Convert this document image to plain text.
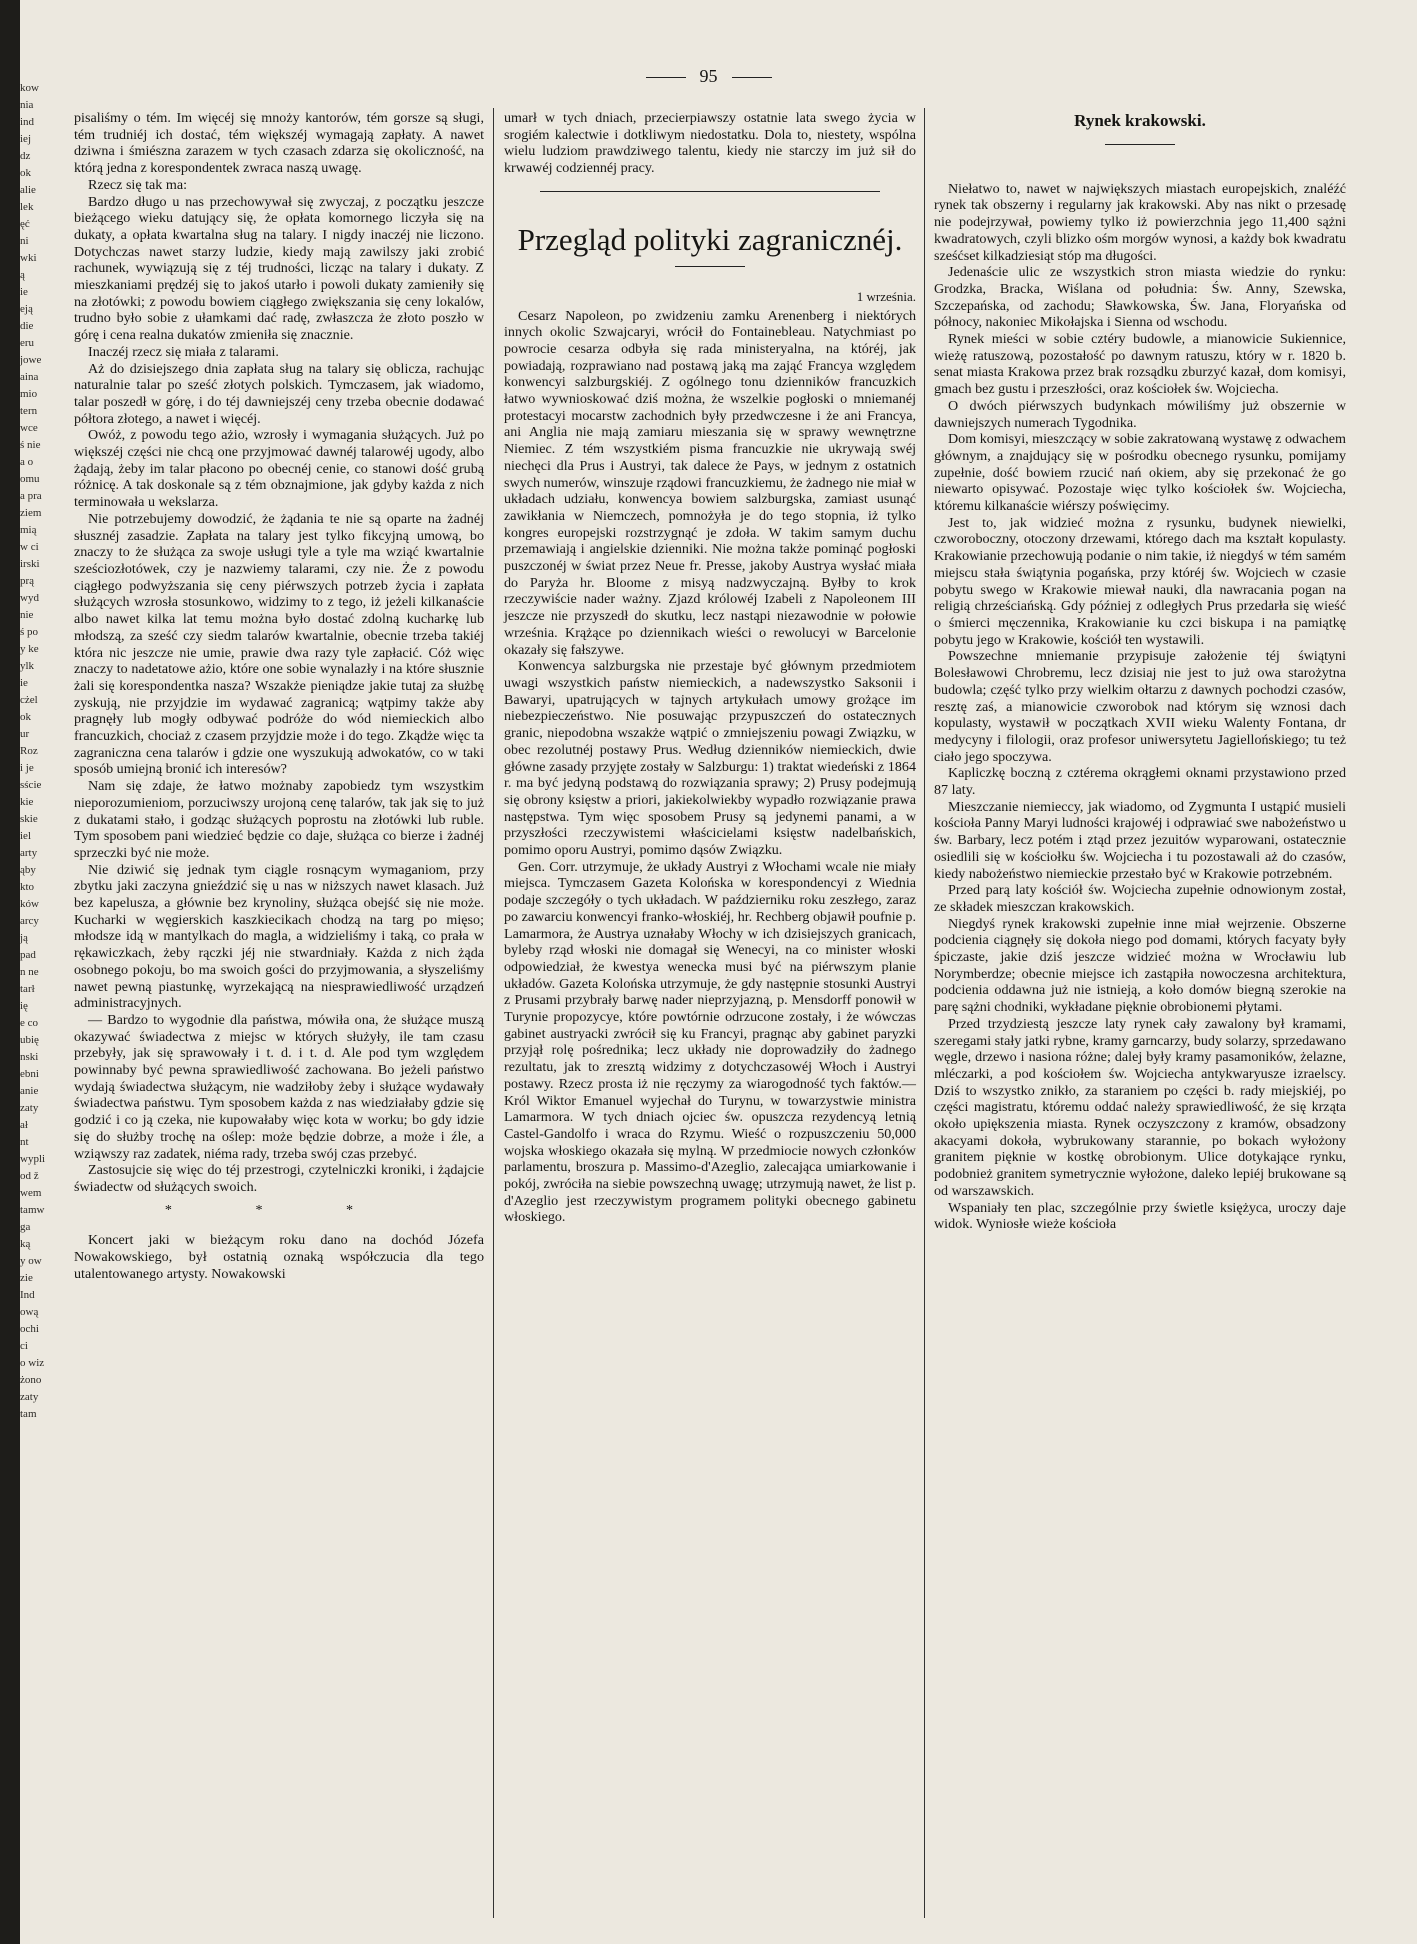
kow
nia
ind
iej
dz
ok
alie
lek
ęć
ni
wki
ą
ie
eją
die
eru
jowe
aina
mio
tern
wce
ś nie
a o
omu
a pra
ziem
mią
w ci
irski
prą
wyd
nie
ś po
y ke
ylk
ie
cżel
ok
ur
Roz
i je
sście
kie
skie
iel
arty
ąby
kto
ków
arcy
ją
pad
n ne
tarł
ię
e co
ubię
nski
ebni
anie
zaty
ał
nt
wypli
od ž
wem
tamw
ga
ką
y ow
zie
Ind
ową
ochi
ci
o wiz
żono
zaty
tam
95

pisaliśmy o tém. Im więcéj się mnoży kantorów, tém gorsze są sługi, tém trudniéj ich dostać, tém większéj wymagają zapłaty. A nawet dziwna i śmiészna zarazem w tych czasach zdarza się okoliczność, na którą jedna z korespondentek zwraca naszą uwagę.

Rzecz się tak ma:

Bardzo długo u nas przechowywał się zwyczaj, z początku jeszcze bieżącego wieku datujący się, że opłata komornego liczyła się na dukaty, a opłata kwartalna sług na talary. I nigdy inaczéj nie liczono. Dotychczas nawet starzy ludzie, kiedy mają zawilszy jaki zrobić rachunek, wywiązują się z téj trudności, licząc na talary i dukaty. Z mieszkaniami prędzéj się to jakoś utarło i powoli dukaty zamieniły się na złotówki; z powodu bowiem ciągłego zwiększania się ceny lokalów, trudno było sobie z ułamkami dać radę, zwłaszcza że złoto poszło w górę i cena realna dukatów zmieniła się znacznie.

Inaczéj rzecz się miała z talarami.

Aż do dzisiejszego dnia zapłata sług na talary się oblicza, rachując naturalnie talar po sześć złotych polskich. Tymczasem, jak wiadomo, talar poszedł w górę, i do téj dawniejszéj ceny trzeba obecnie dodawać półtora złotego, a nawet i więcéj.

Owóż, z powodu tego ażio, wzrosły i wymagania służących. Już po większéj części nie chcą one przyjmować dawnéj talarowéj ugody, albo żądają, żeby im talar płacono po obecnéj cenie, co stanowi dość grubą różnicę. A tak doskonale są z tém obznajmione, jak gdyby każda z nich terminowała u wekslarza.

Nie potrzebujemy dowodzić, że żądania te nie są oparte na żadnéj słusznéj zasadzie. Zapłata na talary jest tylko fikcyjną umową, bo znaczy to że służąca za swoje usługi tyle a tyle ma wziąć kwartalnie sześciozłotówek, czy je nazwiemy talarami, czy nie. Że z powodu ciągłego podwyższania się ceny piérwszych potrzeb życia i zapłata służących wzrosła stosunkowo, widzimy to z tego, iż jeżeli kilkanaście albo nawet kilka lat temu można było dostać zdolną kucharkę lub młodszą, za sześć czy siedm talarów kwartalnie, obecnie trzeba takiéj która nic jeszcze nie umie, prawie dwa razy tyle zapłacić. Cóż więc znaczy to nadetatowe ażio, które one sobie wynalazły i na które słusznie żali się korespondentka nasza? Wszakże pieniądze jakie tutaj za służbę zyskują, nie przyjdzie im wydawać zagranicą; wątpimy także aby pragnęły lub mogły odbywać podróże do wód niemieckich albo francuzkich, chociaż z czasem przyjdzie może i do tego. Zkądże więc ta zagraniczna cena talarów i gdzie one wyszukują adwokatów, co w taki sposób umiejną bronić ich interesów?

Nam się zdaje, że łatwo możnaby zapobiedz tym wszystkim nieporozumieniom, porzuciwszy urojoną cenę talarów, tak jak się to już z dukatami stało, i godząc służących poprostu na złotówki lub ruble. Tym sposobem pani wiedzieć będzie co daje, służąca co bierze i żadnéj sprzeczki być nie może.

Nie dziwić się jednak tym ciągle rosnącym wymaganiom, przy zbytku jaki zaczyna gnieździć się u nas w niższych nawet klasach. Już bez kapelusza, a głównie bez krynoliny, służąca obejść się nie może. Kucharki w węgierskich kaszkiecikach chodzą na targ po mięso; młodsze idą w mantylkach do magla, a widzieliśmy i taką, co prała w rękawiczkach, żeby rączki jéj nie stwardniały. Każda z nich żąda osobnego pokoju, bo ma swoich gości do przyjmowania, a słyszeliśmy nawet pewną piastunkę, wyrzekającą na niesprawiedliwość urządzeń administracyjnych.

— Bardzo to wygodnie dla państwa, mówiła ona, że służące muszą okazywać świadectwa z miejsc w których służyły, ile tam czasu przebyły, jak się sprawowały i t. d. i t. d. Ale pod tym względem powinnaby być pewna sprawiedliwość zachowana. Bo jeżeli państwo wydają świadectwa służącym, nie wadziłoby żeby i służące wydawały świadectwa państwu. Tym sposobem każda z nas wiedziałaby gdzie się godzić i co ją czeka, nie kupowałaby więc kota w worku; bo gdy idzie się do służby trochę na oślep: może będzie dobrze, a może i źle, a wziąwszy raz zadatek, niéma rady, trzeba swój czas przebyć.

Zastosujcie się więc do téj przestrogi, czytelniczki kroniki, i żądajcie świadectw od służących swoich.

* * *

Koncert jaki w bieżącym roku dano na dochód Józefa Nowakowskiego, był ostatnią oznaką współczucia dla tego utalentowanego artysty. Nowakowski

umarł w tych dniach, przecierpiawszy ostatnie lata swego życia w srogiém kalectwie i dotkliwym niedostatku. Dola to, niestety, wspólna wielu ludziom prawdziwego talentu, kiedy nie starczy im już sił do krwawéj codziennéj pracy.

Przegląd polityki zagranicznéj.
1 września.

Cesarz Napoleon, po zwidzeniu zamku Arenenberg i niektórych innych okolic Szwajcaryi, wrócił do Fontainebleau. Natychmiast po powrocie cesarza odbyła się rada ministeryalna, na któréj, jak powiadają, rozprawiano nad postawą jaką ma zająć Francya względem konwencyi salzburgskiéj. Z ogólnego tonu dzienników francuzkich łatwo wywnioskować dziś można, że wszelkie pogłoski o mniemanéj protestacyi mocarstw zachodnich były przedwczesne i że ani Francya, ani Anglia nie mają zamiaru mieszania się w sprawy wewnętrzne Niemiec. Z tém wszystkiém pisma francuzkie nie ukrywają swéj niechęci dla Prus i Austryi, tak dalece że Pays, w jednym z ostatnich swych numerów, winszuje rządowi francuzkiemu, że żadnego nie miał w układach udziału, konwencya bowiem salzburgska, zamiast usunąć zawikłania w Niemczech, pomnożyła je do tego stopnia, iż tylko kongres europejski rozstrzygnąć je zdoła. W takim samym duchu przemawiają i angielskie dzienniki. Nie można także pominąć pogłoski puszczonéj w świat przez Neue fr. Presse, jakoby Austrya wysłać miała do Paryża hr. Bloome z misyą nadzwyczajną. Byłby to krok rzeczywiście nader ważny. Zjazd królowéj Izabeli z Napoleonem III jeszcze nie przyszedł do skutku, lecz nastąpi niezawodnie w połowie września. Krążące po dziennikach wieści o rewolucyi w Barcelonie okazały się fałszywe.

Konwencya salzburgska nie przestaje być głównym przedmiotem uwagi wszystkich państw niemieckich, a nadewszystko Saksonii i Bawaryi, upatrujących w tajnych artykułach umowy grożące im niebezpieczeństwo. Nie posuwając przypuszczeń do ostatecznych granic, niepodobna wszakże wątpić o zmniejszeniu powagi Związku, w obec rezolutnéj postawy Prus. Według dzienników niemieckich, dwie główne zasady przyjęte zostały w Salzburgu: 1) traktat wiedeński z 1864 r. ma być jedyną podstawą do rozwiązania sprawy; 2) Prusy podejmują się obrony księstw a priori, jakiekolwiekby wypadło rozwiązanie prawa następstwa. Tym więc sposobem Prusy są jedynemi panami, a w przyszłości rzeczywistemi właścicielami księstw nadelbańskich, pomimo oporu Austryi, pomimo dąsów Związku.

Gen. Corr. utrzymuje, że układy Austryi z Włochami wcale nie miały miejsca. Tymczasem Gazeta Kolońska w korespondencyi z Wiednia podaje szczegóły o tych układach. W październiku roku zeszłego, zaraz po zawarciu konwencyi franko-włoskiéj, hr. Rechberg objawił poufnie p. Lamarmora, że Austrya uznałaby Włochy w ich dzisiejszych granicach, byleby rząd włoski nie domagał się Wenecyi, na co minister włoski odpowiedział, że kwestya wenecka musi być na piérwszym planie układów. Gazeta Kolońska utrzymuje, że gdy następnie stosunki Austryi z Prusami przybrały barwę nader nieprzyjazną, p. Mensdorff ponowił w Turynie propozycye, które powtórnie odrzucone zostały, i że wówczas gabinet austryacki zwrócił się ku Francyi, pragnąc aby gabinet paryzki przyjął rolę pośrednika; lecz układy nie doprowadziły do żadnego rezultatu, jak to zresztą widzimy z dotychczasowéj Włoch i Austryi postawy. Rzecz prosta iż nie ręczymy za wiarogodność tych faktów.—Król Wiktor Emanuel wyjechał do Turynu, w towarzystwie ministra Lamarmora. W tych dniach ojciec św. opuszcza rezydencyą letnią Castel-Gandolfo i wraca do Rzymu. Wieść o rozpuszczeniu 50,000 wojska włoskiego okazała się mylną. W przedmiocie nowych członków parlamentu, broszura p. Massimo-d'Azeglio, zalecająca umiarkowanie i pokój, zwróciła na siebie powszechną uwagę; utrzymują nawet, że list p. d'Azeglio jest rzeczywistym programem polityki obecnego gabinetu włoskiego.

Rynek krakowski.

Niełatwo to, nawet w największych miastach europejskich, znaléźć rynek tak obszerny i regularny jak krakowski. Aby nas nikt o przesadę nie podejrzywał, powiemy tylko iż powierzchnia jego 11,400 sążni kwadratowych, czyli blizko ośm morgów wynosi, a każdy bok kwadratu sześćset kilkadziesiąt stóp ma długości.

Jedenaście ulic ze wszystkich stron miasta wiedzie do rynku: Grodzka, Bracka, Wiślana od południa: Św. Anny, Szewska, Szczepańska, od zachodu; Sławkowska, Św. Jana, Floryańska od północy, nakoniec Mikołajska i Sienna od wschodu.

Rynek mieści w sobie cztéry budowle, a mianowicie Sukiennice, wieżę ratuszową, pozostałość po dawnym ratuszu, który w r. 1820 b. senat miasta Krakowa przez brak rozsądku zburzyć kazał, dom komisyi, gmach bez gustu i przeszłości, oraz kościołek św. Wojciecha.

O dwóch piérwszych budynkach mówiliśmy już obszernie w dawniejszych numerach Tygodnika.

Dom komisyi, mieszczący w sobie zakratowaną wystawę z odwachem głównym, a znajdujący się w pośrodku obecnego rysunku, pomijamy zupełnie, dość bowiem rzucić nań okiem, aby się przekonać że go niewarto opisywać. Pozostaje więc tylko kościołek św. Wojciecha, któremu kilkanaście wiérszy poświęcimy.

Jest to, jak widzieć można z rysunku, budynek niewielki, czworoboczny, otoczony drzewami, którego dach ma kształt kopulasty. Krakowianie przechowują podanie o nim takie, iż niegdyś w tém samém miejscu stała świątynia pogańska, przy któréj św. Wojciech w czasie pobytu swego w Krakowie miewał nauki, dla nawracania pogan na religią chrześciańską. Gdy później z odległych Prus przedarła się wieść o śmierci męczennika, Krakowianie ku czci biskupa i na pamiątkę pobytu jego w Krakowie, kościół ten wystawili.

Powszechne mniemanie przypisuje założenie téj świątyni Bolesławowi Chrobremu, lecz dzisiaj nie jest to już owa starożytna budowla; część tylko przy wielkim ołtarzu z dawnych pochodzi czasów, resztę zaś, a mianowicie czworobok nad którym się wznosi dach kopulasty, wystawił w początkach XVII wieku Walenty Fontana, dr medycyny i filologii, oraz profesor uniwersytetu Jagiellońskiego; tu też ciało jego spoczywa.

Kapliczkę boczną z cztérema okrągłemi oknami przystawiono przed 87 laty.

Mieszczanie niemieccy, jak wiadomo, od Zygmunta I ustąpić musieli kościoła Panny Maryi ludności krajowéj i odprawiać swe nabożeństwo u św. Barbary, lecz potém i ztąd przez jezuitów wyparowani, ostatecznie osiedlili się w kościołku św. Wojciecha i tu pozostawali aż do czasów, kiedy nabożeństwo niemieckie przestało być w Krakowie potrzebném.

Przed parą laty kościół św. Wojciecha zupełnie odnowionym został, ze składek mieszczan krakowskich.

Niegdyś rynek krakowski zupełnie inne miał wejrzenie. Obszerne podcienia ciągnęły się dokoła niego pod domami, których facyaty były śpiczaste, jakie dziś jeszcze widzieć można w Wrocławiu lub Norymberdze; obecnie miejsce ich zastąpiła nowoczesna architektura, podcienia oddawna już nie istnieją, a koło domów biegną szerokie na parę sążni chodniki, wykładane pięknie obrobionemi płytami.

Przed trzydziestą jeszcze laty rynek cały zawalony był kramami, szeregami stały jatki rybne, kramy garncarzy, budy solarzy, sprzedawano węgle, drzewo i nasiona różne; dalej były kramy pasamoników, żelazne, mléczarki, a pod kościołem św. Wojciecha antykwaryusze izraelscy. Dziś to wszystko znikło, za staraniem po części b. rady miejskiéj, po części magistratu, któremu oddać należy sprawiedliwość, że się krząta około upiększenia miasta. Rynek oczyszczony z kramów, obsadzony akacyami dokoła, wybrukowany starannie, po bokach wyłożony granitem pięknie w kostkę obrobionym. Ulice dotykające rynku, podobnież granitem symetrycznie wyłożone, daleko lepiéj brukowane są od warszawskich.

Wspaniały ten plac, szczególnie przy świetle księżyca, uroczy daje widok. Wyniosłe wieże kościoła
